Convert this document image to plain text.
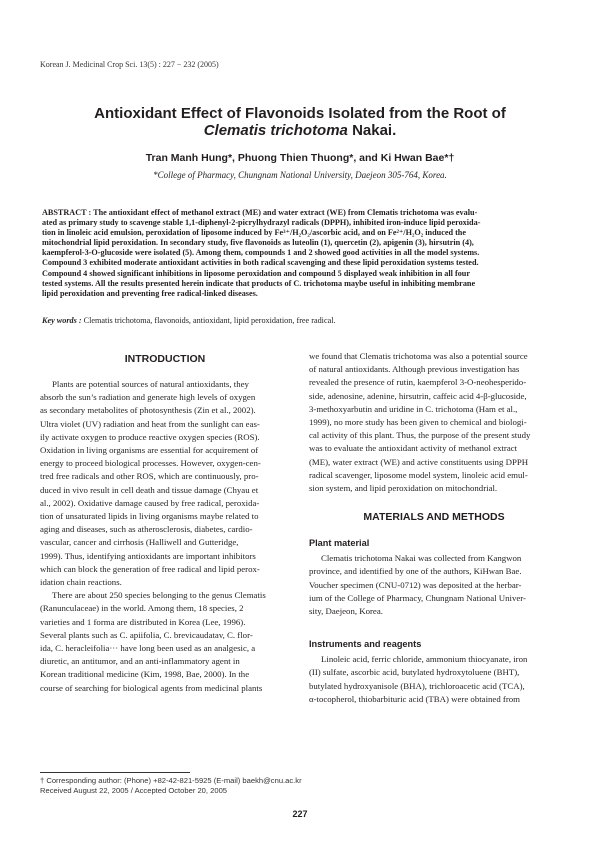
Korean J. Medicinal Crop Sci. 13(5) : 227 − 232 (2005)
Antioxidant Effect of Flavonoids Isolated from the Root of
Clematis trichotoma Nakai.
Tran Manh Hung*, Phuong Thien Thuong*, and Ki Hwan Bae*†
*College of Pharmacy, Chungnam National University, Daejeon 305-764, Korea.
ABSTRACT : The antioxidant effect of methanol extract (ME) and water extract (WE) from Clematis trichotoma was evalu-
ated as primary study to scavenge stable 1,1-diphenyl-2-picrylhydrazyl radicals (DPPH), inhibited iron-induce lipid peroxida-
tion in linoleic acid emulsion, peroxidation of liposome induced by Fe³⁺/H₂O₂/ascorbic acid, and on Fe²⁺/H₂O₂ induced the
mitochondrial lipid peroxidation. In secondary study, five flavonoids as luteolin (1), quercetin (2), apigenin (3), hirsutrin (4),
kaempferol-3-O-glucoside were isolated (5). Among them, compounds 1 and 2 showed good activities in all the model systems.
Compound 3 exhibited moderate antioxidant activities in both radical scavenging and these lipid peroxidation systems tested.
Compound 4 showed significant inhibitions in liposome peroxidation and compound 5 displayed weak inhibition in all four
tested systems. All the results presented herein indicate that products of C. trichotoma maybe useful in inhibiting membrane
lipid peroxidation and preventing free radical-linked diseases.
Key words : Clematis trichotoma, flavonoids, antioxidant, lipid peroxidation, free radical.
INTRODUCTION
Plants are potential sources of natural antioxidants, they
absorb the sun’s radiation and generate high levels of oxygen
as secondary metabolites of photosynthesis (Zin et al., 2002).
Ultra violet (UV) radiation and heat from the sunlight can eas-
ily activate oxygen to produce reactive oxygen species (ROS).
Oxidation in living organisms are essential for acquirement of
energy to proceed biological processes. However, oxygen-cen-
tred free radicals and other ROS, which are continuously, pro-
duced in vivo result in cell death and tissue damage (Chyau et
al., 2002). Oxidative damage caused by free radical, peroxida-
tion of unsaturated lipids in living organisms maybe related to
aging and diseases, such as atherosclerosis, diabetes, cardio-
vascular, cancer and cirrhosis (Halliwell and Gutteridge,
1999). Thus, identifying antioxidants are important inhibitors
which can block the generation of free radical and lipid perox-
idation chain reactions.
There are about 250 species belonging to the genus Clematis
(Ranunculaceae) in the world. Among them, 18 species, 2
varieties and 1 forma are distributed in Korea (Lee, 1996).
Several plants such as C. apiifolia, C. brevicaudatav, C. flor-
ida, C. heracleifolia··· have long been used as an analgesic, a
diuretic, an antitumor, and an anti-inflammatory agent in
Korean traditional medicine (Kim, 1998, Bae, 2000). In the
course of searching for biological agents from medicinal plants
we found that Clematis trichotoma was also a potential source
of natural antioxidants. Although previous investigation has
revealed the presence of rutin, kaempferol 3-O-neohesperido-
side, adenosine, adenine, hirsutrin, caffeic acid 4-β-glucoside,
3-methoxyarbutin and uridine in C. trichotoma (Ham et al.,
1999), no more study has been given to chemical and biologi-
cal activity of this plant. Thus, the purpose of the present study
was to evaluate the antioxidant activity of methanol extract
(ME), water extract (WE) and active constituents using DPPH
radical scavenger, liposome model system, linoleic acid emul-
sion system, and lipid peroxidation on mitochondrial.
MATERIALS AND METHODS
Plant material
Clematis trichotoma Nakai was collected from Kangwon
province, and identified by one of the authors, KiHwan Bae.
Voucher specimen (CNU-0712) was deposited at the herbar-
ium of the College of Pharmacy, Chungnam National Univer-
sity, Daejeon, Korea.
Instruments and reagents
Linoleic acid, ferric chloride, ammonium thiocyanate, iron
(II) sulfate, ascorbic acid, butylated hydroxytoluene (BHT),
butylated hydroxyanisole (BHA), trichloroacetic acid (TCA),
α-tocopherol, thiobarbituric acid (TBA) were obtained from
† Corresponding author: (Phone) +82-42-821-5925 (E-mail) baekh@cnu.ac.kr
Received August 22, 2005 / Accepted October 20, 2005
227
